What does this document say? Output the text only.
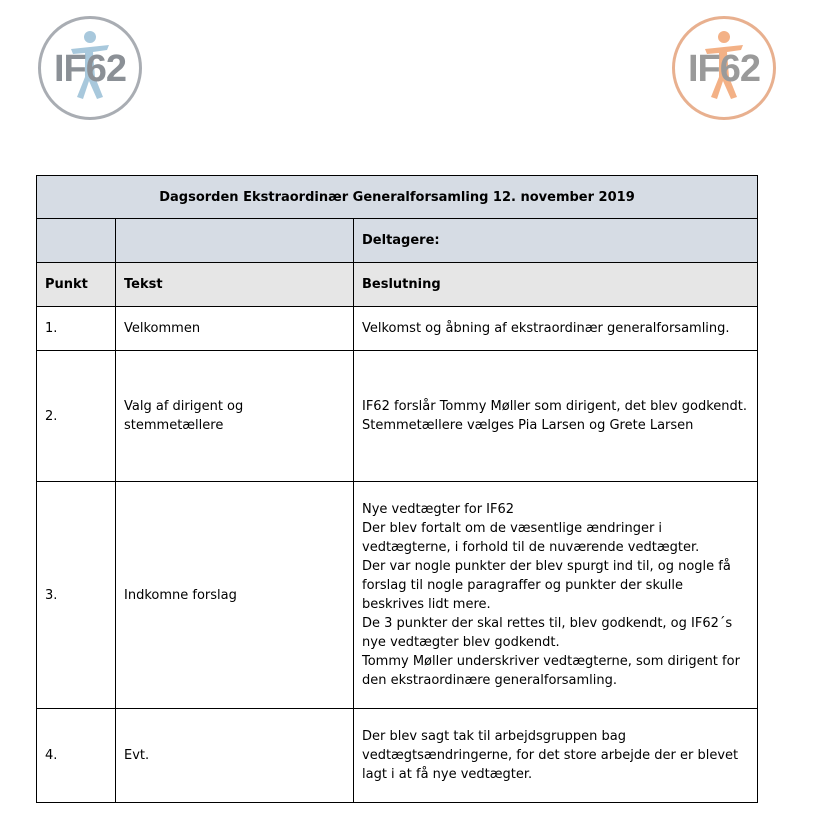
IF62	IF62
Dagsorden Ekstraordinær Generalforsamling 12. november 2019		
		Deltagere:
Punkt	Tekst	Beslutning
1.	Velkommen	Velkomst og åbning af ekstraordinær generalforsamling.

2.	Valg af dirigent og stemmetællere	IF62 forslår Tommy Møller som dirigent, det blev godkendt.
Stemmetællere vælges Pia Larsen og Grete Larsen

3.	Indkomne forslag	Nye vedtægter for IF62
Der blev fortalt om de væsentlige ændringer i vedtægterne, i forhold til de nuværende vedtægter.
Der var nogle punkter der blev spurgt ind til, og nogle få forslag til nogle paragraffer og punkter der skulle beskrives lidt mere.
De 3 punkter der skal rettes til, blev godkendt, og IF62´s nye vedtægter blev godkendt.
Tommy Møller underskriver vedtægterne, som dirigent for den ekstraordinære generalforsamling.

4.	Evt.	Der blev sagt tak til arbejdsgruppen bag vedtægtsændringerne, for det store arbejde der er blevet lagt i at få nye vedtægter.
